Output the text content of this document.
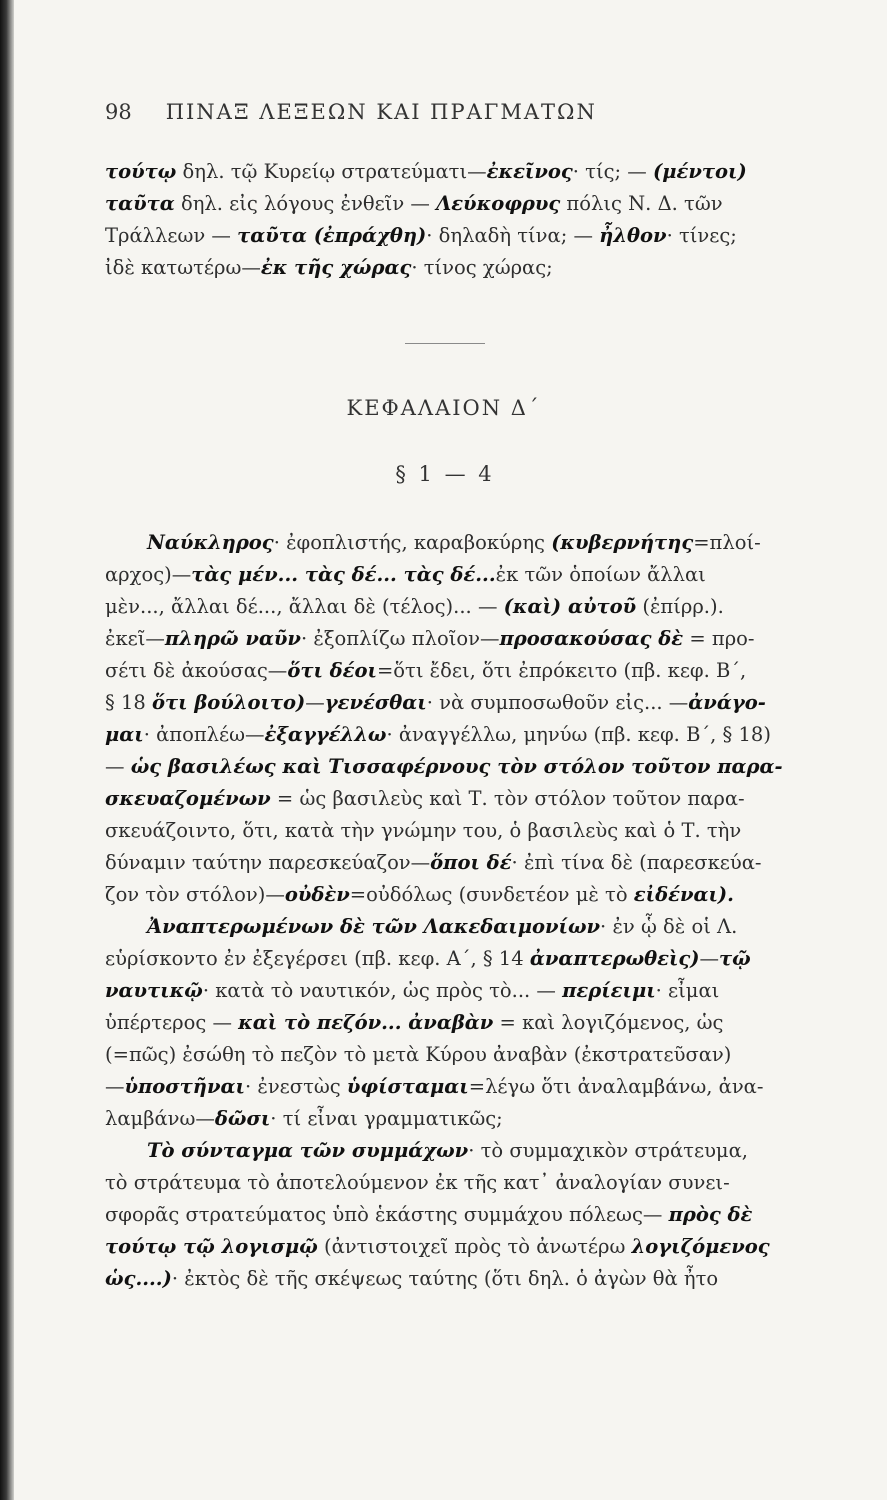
98 ΠΙΝΑΞ ΛΕΞΕΩΝ ΚΑΙ ΠΡΑΓΜΑΤΩΝ
τούτῳ δηλ. τῷ Κυρείῳ στρατεύματι—ἐκεῖνος· τίς; — (μέντοι)
ταῦτα δηλ. εἰς λόγους ἐνθεῖν — Λεύκοφρυς πόλις Ν. Δ. τῶν
Τράλλεων — ταῦτα (ἐπράχθη)· δηλαδὴ τίνα; — ἦλθον· τίνες;
ἰδὲ κατωτέρω—ἐκ τῆς χώρας· τίνος χώρας;
ΚΕΦΑΛΑΙΟΝ Δ΄
§ 1 — 4
Ναύκληρος· ἐφοπλιστής, καραβοκύρης (κυβερνήτης=πλοί-
αρχος)—τὰς μέν... τὰς δέ... τὰς δέ...ἐκ τῶν ὁποίων ἄλλαι
μὲν..., ἄλλαι δέ..., ἄλλαι δὲ (τέλος)... — (καὶ) αὐτοῦ (ἐπίρρ.).
ἐκεῖ—πληρῶ ναῦν· ἐξοπλίζω πλοῖον—προσακούσας δὲ = προ-
σέτι δὲ ἀκούσας—ὅτι δέοι=ὅτι ἔδει, ὅτι ἐπρόκειτο (πβ. κεφ. Β΄,
§ 18 ὅτι βούλοιτο)—γενέσθαι· νὰ συμποσωθοῦν εἰς... —ἀνάγο-
μαι· ἀποπλέω—ἐξαγγέλλω· ἀναγγέλλω, μηνύω (πβ. κεφ. Β΄, § 18)
— ὡς βασιλέως καὶ Τισσαφέρνους τὸν στόλον τοῦτον παρα-
σκευαζομένων = ὡς βασιλεὺς καὶ Τ. τὸν στόλον τοῦτον παρα-
σκευάζοιντο, ὅτι, κατὰ τὴν γνώμην του, ὁ βασιλεὺς καὶ ὁ Τ. τὴν
δύναμιν ταύτην παρεσκεύαζον—ὅποι δέ· ἐπὶ τίνα δὲ (παρεσκεύα-
ζον τὸν στόλον)—οὐδὲν=οὐδόλως (συνδετέον μὲ τὸ εἰδέναι).
Ἀναπτερωμένων δὲ τῶν Λακεδαιμονίων· ἐν ᾧ δὲ οἱ Λ.
εὑρίσκοντο ἐν ἐξεγέρσει (πβ. κεφ. Α΄, § 14 ἀναπτερωθεὶς)—τῷ
ναυτικῷ· κατὰ τὸ ναυτικόν, ὡς πρὸς τὸ... — περίειμι· εἶμαι
ὑπέρτερος — καὶ τὸ πεζόν... ἀναβὰν = καὶ λογιζόμενος, ὡς
(=πῶς) ἐσώθη τὸ πεζὸν τὸ μετὰ Κύρου ἀναβὰν (ἐκστρατεῦσαν)
—ὑποστῆναι· ἐνεστὼς ὑφίσταμαι=λέγω ὅτι ἀναλαμβάνω, ἀνα-
λαμβάνω—δῶσι· τί εἶναι γραμματικῶς;
Τὸ σύνταγμα τῶν συμμάχων· τὸ συμμαχικὸν στράτευμα,
τὸ στράτευμα τὸ ἀποτελούμενον ἐκ τῆς κατ᾽ ἀναλογίαν συνει-
σφορᾶς στρατεύματος ὑπὸ ἑκάστης συμμάχου πόλεως— πρὸς δὲ
τούτῳ τῷ λογισμῷ (ἀντιστοιχεῖ πρὸς τὸ ἀνωτέρω λογιζόμενος
ὡς....)· ἐκτὸς δὲ τῆς σκέψεως ταύτης (ὅτι δηλ. ὁ ἀγὼν θὰ ἦτο
